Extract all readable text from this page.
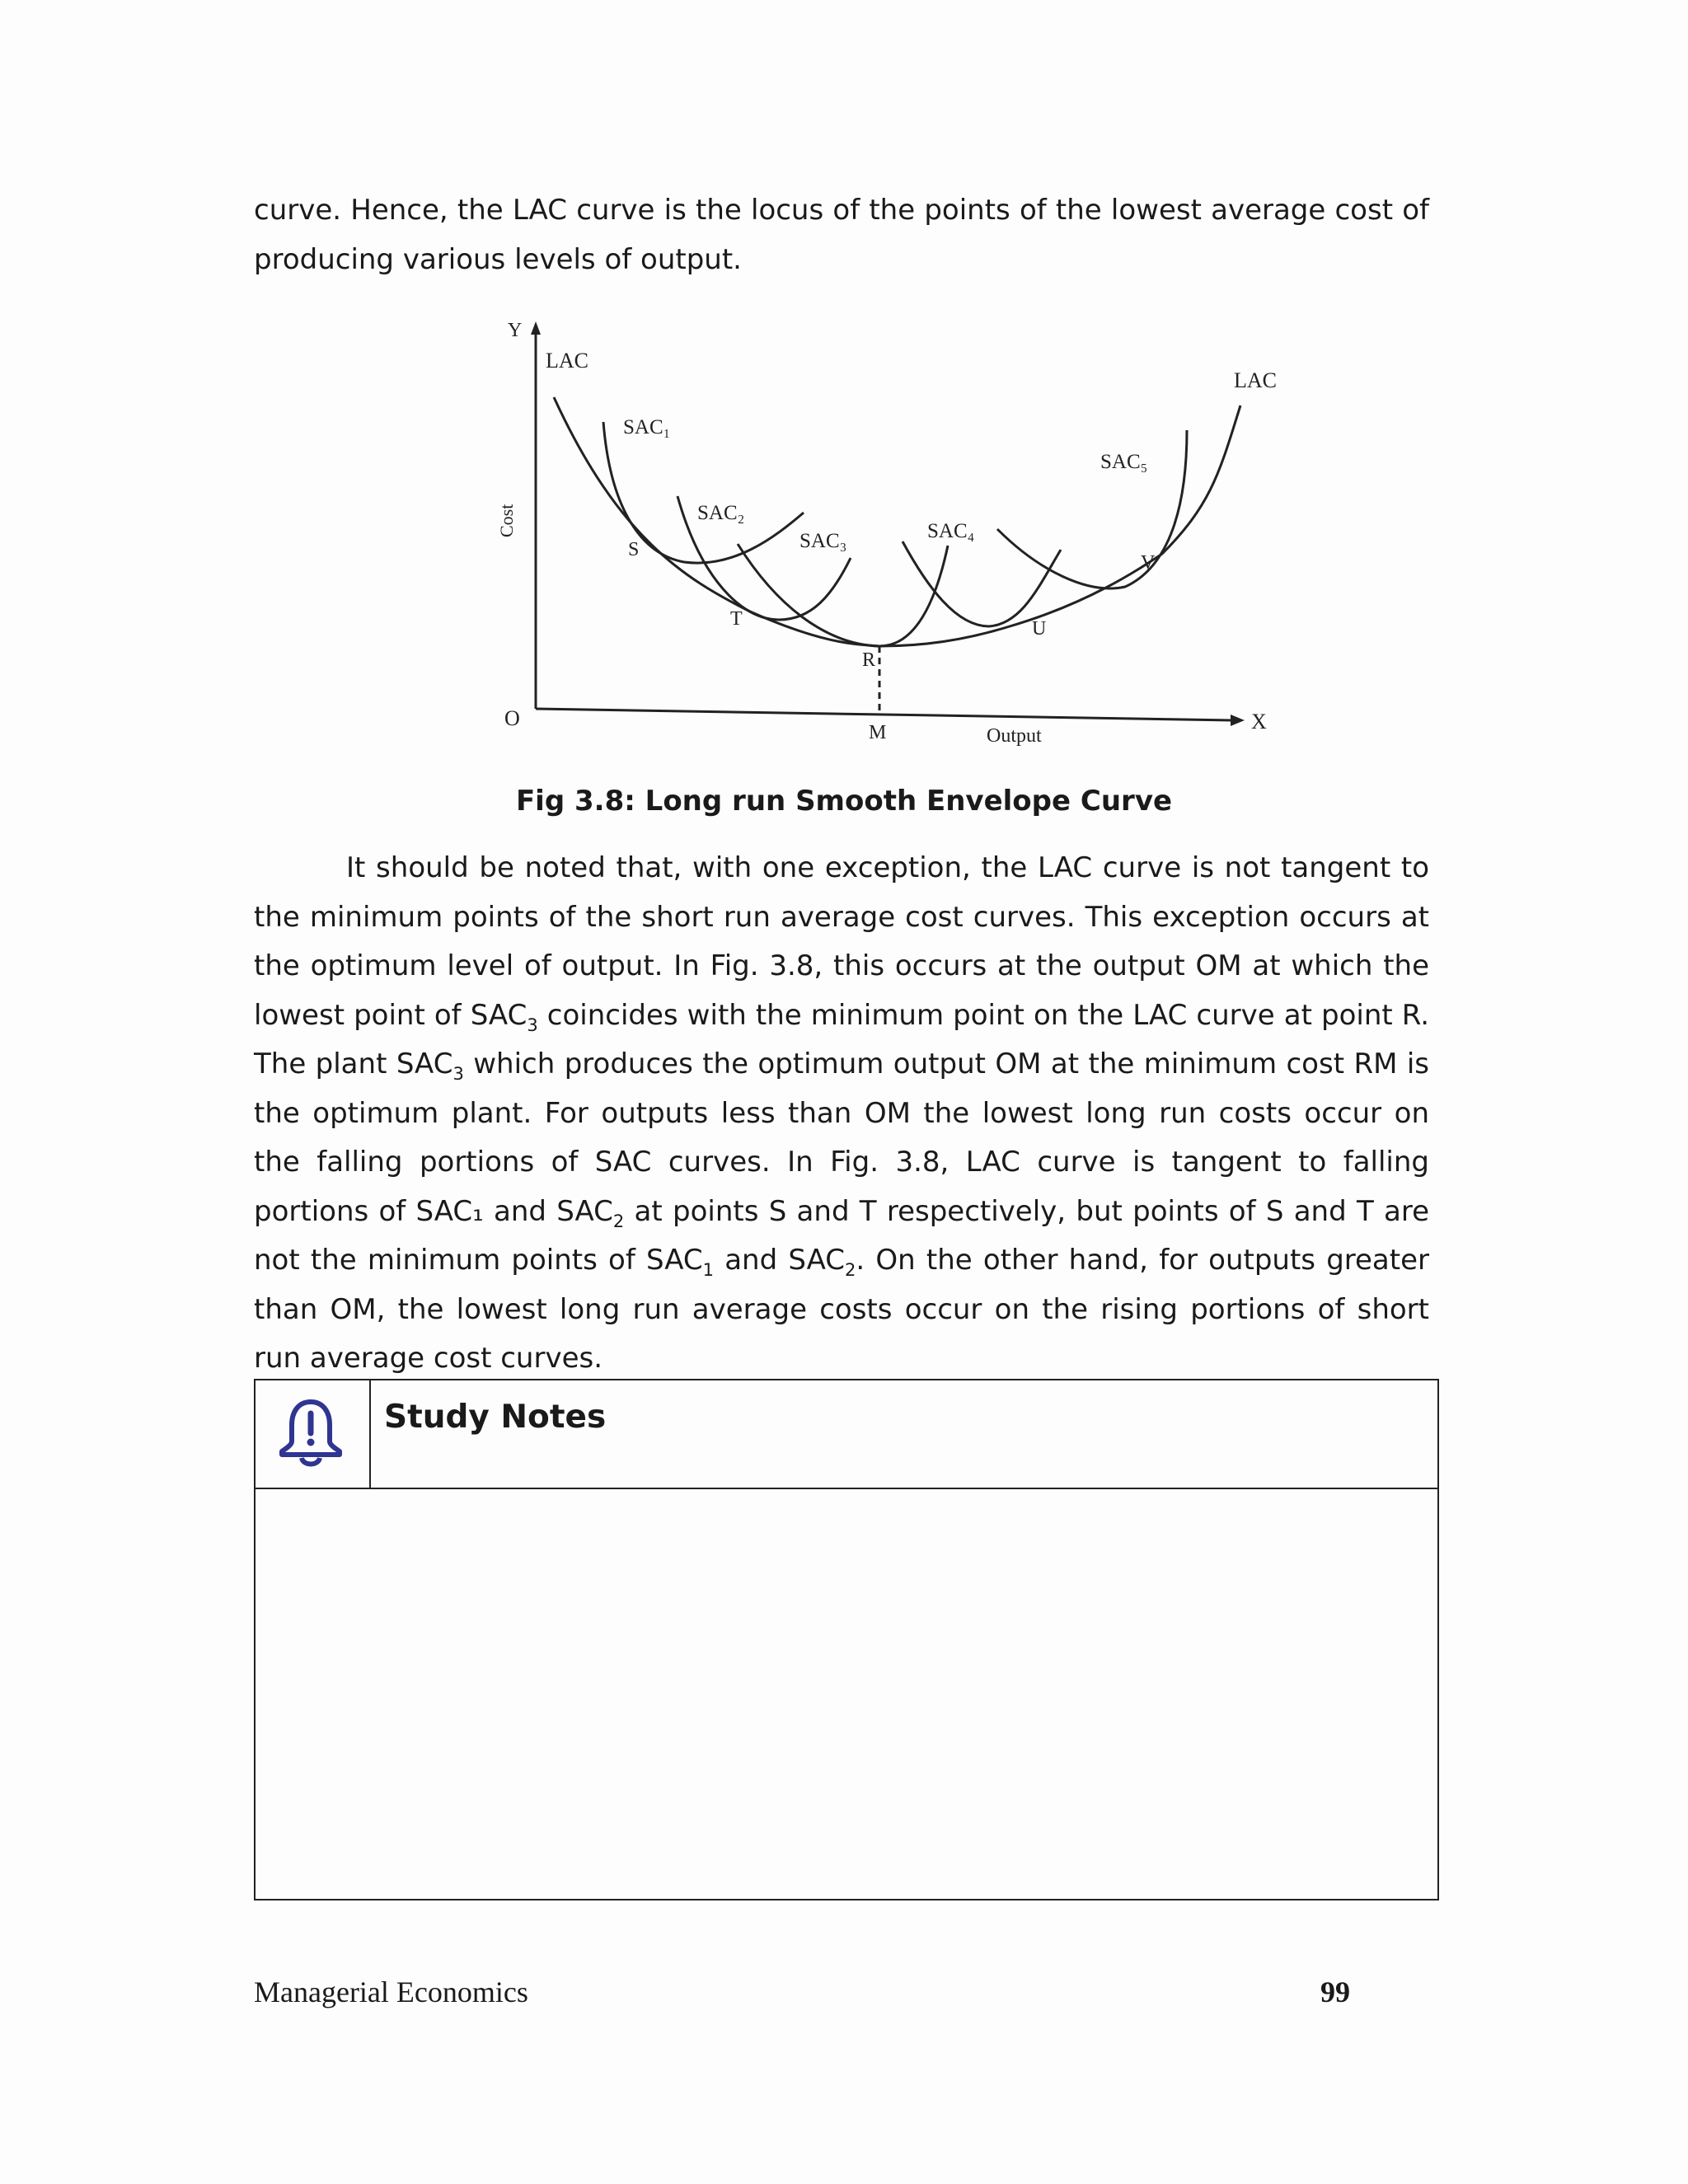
curve. Hence, the LAC curve is the locus of the points of the lowest average cost of producing various levels of output.

Y
X
O
Cost
Output
LAC
LAC
SAC₁
SAC₂
SAC₃	SAC₄
SAC₅
S
T
R
U
V
M

Fig 3.8: Long run Smooth Envelope Curve

It should be noted that, with one exception, the LAC curve is not tangent to the minimum points of the short run average cost curves. This exception occurs at the optimum level of output. In Fig. 3.8, this occurs at the output OM at which the lowest point of $SAC_3$ coincides with the minimum point on the LAC curve at point R. The plant $SAC_3$ which produces the optimum output OM at the minimum cost RM is the optimum plant. For outputs less than OM the lowest long run costs occur on the falling portions of SAC curves. In Fig. 3.8, LAC curve is tangent to falling portions of SAC₁ and $SAC_2$ at points S and T respectively, but points of S and T are not the minimum points of $SAC_1$ and $SAC_2$. On the other hand, for outputs greater than OM, the lowest long run average costs occur on the rising portions of short run average cost curves.

Study Notes

Managerial Economics	99
